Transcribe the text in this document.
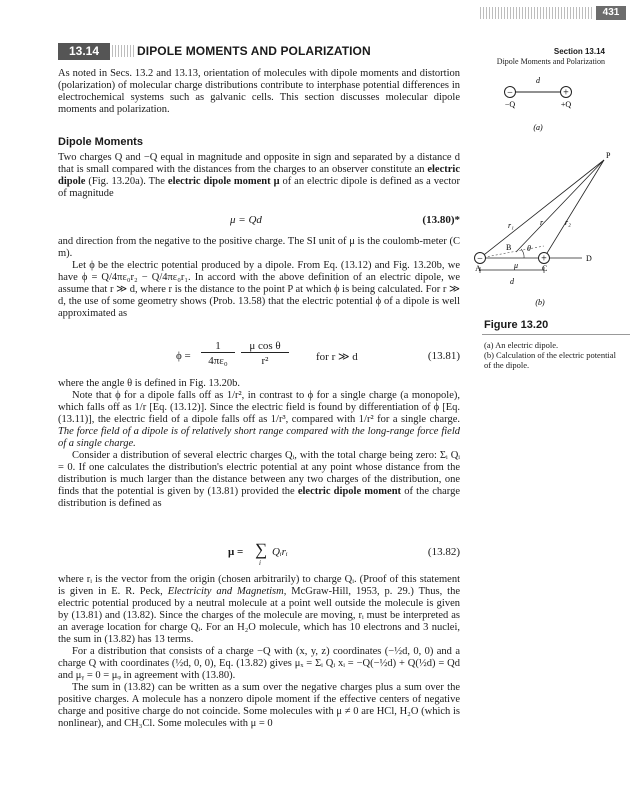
431
13.14	DIPOLE MOMENTS AND POLARIZATION	Section 13.14
Dipole Moments and Polarization

As noted in Secs. 13.2 and 13.13, orientation of molecules with dipole moments and distortion (polarization) of molecular charge distributions contribute to interphase potential differences in electrochemical systems such as galvanic cells. This section discusses molecular dipole moments and polarization.

Dipole Moments

Two charges Q and −Q equal in magnitude and opposite in sign and separated by a distance d that is small compared with the distances from the charges to an observer constitute an electric dipole (Fig. 13.20a). The electric dipole moment μ of an electric dipole is defined as a vector of magnitude

μ = Qd	(13.80)*

and direction from the negative to the positive charge. The SI unit of μ is the coulomb-meter (C m).

Let ϕ be the electric potential produced by a dipole. From Eq. (13.12) and Fig. 13.20b, we have ϕ = Q/4πε₀r₂ − Q/4πε₀r₁. In accord with the above definition of an electric dipole, we assume that r ≫ d, where r is the distance to the point P at which ϕ is being calculated. For r ≫ d, the use of some geometry shows (Prob. 13.58) that the electric potential ϕ of a dipole is well approximated as

ϕ =
1
4πε₀
μ cos θ
r²	for r ≫ d	(13.81)

where the angle θ is defined in Fig. 13.20b.

Note that ϕ for a dipole falls off as 1/r², in contrast to ϕ for a single charge (a monopole), which falls off as 1/r [Eq. (13.12)]. Since the electric field is found by differentiation of ϕ [Eq. (13.11)], the electric field of a dipole falls off as 1/r³, compared with 1/r² for a single charge. The force field of a dipole is of relatively short range compared with the long-range force field of a single charge.

Consider a distribution of several electric charges Qᵢ, with the total charge being zero: Σᵢ Qᵢ = 0. If one calculates the distribution's electric potential at any point whose distance from the distribution is much larger than the distance between any two charges of the distribution, one finds that the potential is given by (13.81) provided the electric dipole moment of the charge distribution is defined as

μ = ∑
i
Qᵢrᵢ	(13.82)

where rᵢ is the vector from the origin (chosen arbitrarily) to charge Qᵢ. (Proof of this statement is given in E. R. Peck, Electricity and Magnetism, McGraw-Hill, 1953, p. 29.) Thus, the electric potential produced by a neutral molecule at a point well outside the molecule is given by (13.81) and (13.82). Since the charges of the molecule are moving, rᵢ must be interpreted as an average location for charge Qᵢ. For an H₂O molecule, which has 10 electrons and 3 nuclei, the sum in (13.82) has 13 terms.

For a distribution that consists of a charge −Q with (x, y, z) coordinates (−½d, 0, 0) and a charge Q with coordinates (½d, 0, 0), Eq. (13.82) gives μₓ = Σᵢ Qᵢ xᵢ = −Q(−½d) + Q(½d) = Qd and μᵧ = 0 = μᵩ in agreement with (13.80).

The sum in (13.82) can be written as a sum over the negative charges plus a sum over the positive charges. A molecule has a nonzero dipole moment if the effective centers of negative charge and positive charge do not coincide. Some molecules with μ ≠ 0 are HCl, H₂O (which is nonlinear), and CH₃Cl. Some molecules with μ = 0

−	+
d
−Q	+Q
(a)
−	+
P
r₁	r	r₂
A
B
C
D
θ
μ
d
(b)
Figure 13.20
(a) An electric dipole.
(b) Calculation of the electric potential of the dipole.
